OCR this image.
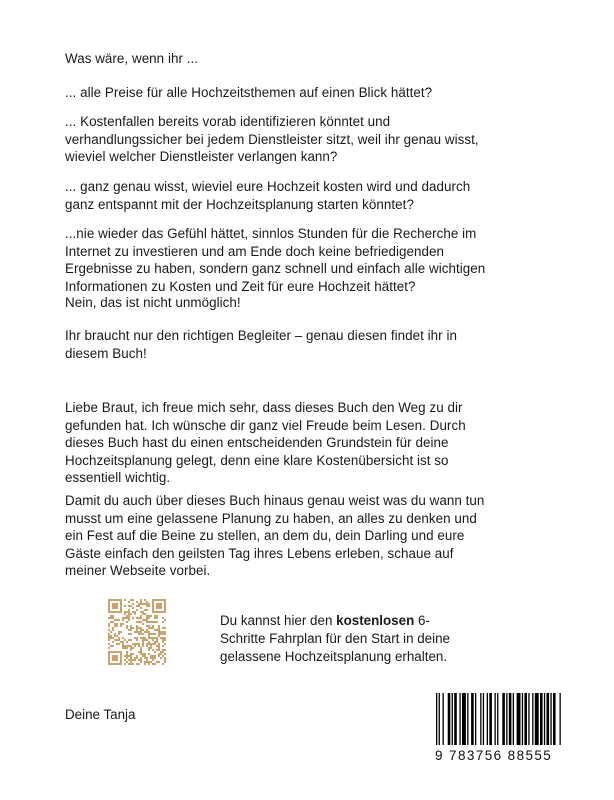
Was wäre, wenn ihr ...
... alle Preise für alle Hochzeitsthemen auf einen Blick hättet?
... Kostenfallen bereits vorab identifizieren könntet und
verhandlungssicher bei jedem Dienstleister sitzt, weil ihr genau wisst,
wieviel welcher Dienstleister verlangen kann?
... ganz genau wisst, wieviel eure Hochzeit kosten wird und dadurch
ganz entspannt mit der Hochzeitsplanung starten könntet?
...nie wieder das Gefühl hättet, sinnlos Stunden für die Recherche im
Internet zu investieren und am Ende doch keine befriedigenden
Ergebnisse zu haben, sondern ganz schnell und einfach alle wichtigen
Informationen zu Kosten und Zeit für eure Hochzeit hättet?
Nein, das ist nicht unmöglich!
Ihr braucht nur den richtigen Begleiter – genau diesen findet ihr in
diesem Buch!
Liebe Braut, ich freue mich sehr, dass dieses Buch den Weg zu dir
gefunden hat. Ich wünsche dir ganz viel Freude beim Lesen. Durch
dieses Buch hast du einen entscheidenden Grundstein für deine
Hochzeitsplanung gelegt, denn eine klare Kostenübersicht ist so
essentiell wichtig.
Damit du auch über dieses Buch hinaus genau weist was du wann tun
musst um eine gelassene Planung zu haben, an alles zu denken und
ein Fest auf die Beine zu stellen, an dem du, dein Darling und eure
Gäste einfach den geilsten Tag ihres Lebens erleben, schaue auf
meiner Webseite vorbei.
Du kannst hier den kostenlosen 6-
Schritte Fahrplan für den Start in deine
gelassene Hochzeitsplanung erhalten.
Deine Tanja
9 783756 88555
